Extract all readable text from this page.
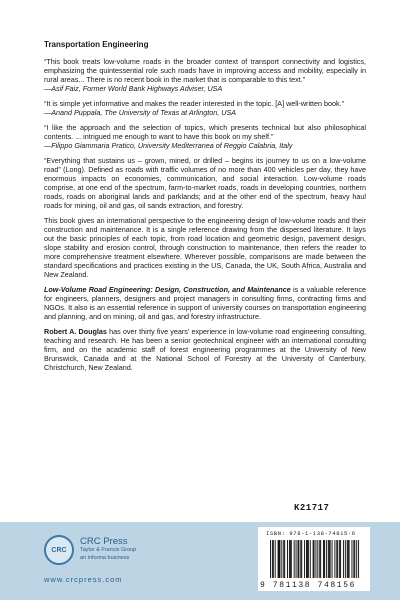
Transportation Engineering

“This book treats low-volume roads in the broader context of transport connectivity and logistics, emphasizing the quintessential role such roads have in improving access and mobility, especially in rural areas... There is no recent book in the market that is comparable to this text.”

—Asif Faiz, Former World Bank Highways Adviser, USA

“It is simple yet informative and makes the reader interested in the topic. [A] well-written book.”

—Anand Puppala, The University of Texas at Arlington, USA

“I like the approach and the selection of topics, which presents technical but also philosophical contents. ... intrigued me enough to want to have this book on my shelf.”

—Filippo Giammaria Pratico, University Mediterranea of Reggio Calabria, Italy

“Everything that sustains us – grown, mined, or drilled – begins its journey to us on a low-volume road” (Long). Defined as roads with traffic volumes of no more than 400 vehicles per day, they have enormous impacts on economies, communication, and social interaction. Low-volume roads comprise, at one end of the spectrum, farm-to-market roads, roads in developing countries, northern roads, roads on aboriginal lands and parklands; and at the other end of the spectrum, heavy haul roads for mining, oil and gas, oil sands extraction, and forestry.

This book gives an international perspective to the engineering design of low-volume roads and their construction and maintenance. It is a single reference drawing from the dispersed literature. It lays out the basic principles of each topic, from road location and geometric design, pavement design, slope stability and erosion control, through construction to maintenance, then refers the reader to more comprehensive treatment elsewhere. Wherever possible, comparisons are made between the standard specifications and practices existing in the US, Canada, the UK, South Africa, Australia and New Zealand.

Low-Volume Road Engineering: Design, Construction, and Maintenance is a valuable reference for engineers, planners, designers and project managers in consulting firms, contracting firms and NGOs. It also is an essential reference in support of university courses on transportation engineering and planning, and on mining, oil and gas, and forestry infrastructure.

Robert A. Douglas has over thirty five years' experience in low-volume road engineering consulting, teaching and research. He has been a senior geotechnical engineer with an international consulting firm, and on the academic staff of forest engineering programmes at the University of New Brunswick, Canada and at the National School of Forestry at the University of Canterbury, Christchurch, New Zealand.

K21717
CRC
CRC Press
Taylor & Francis Group
an informa business
www.crcpress.com
ISBN: 978-1-138-74815-6
9 781138 748156
